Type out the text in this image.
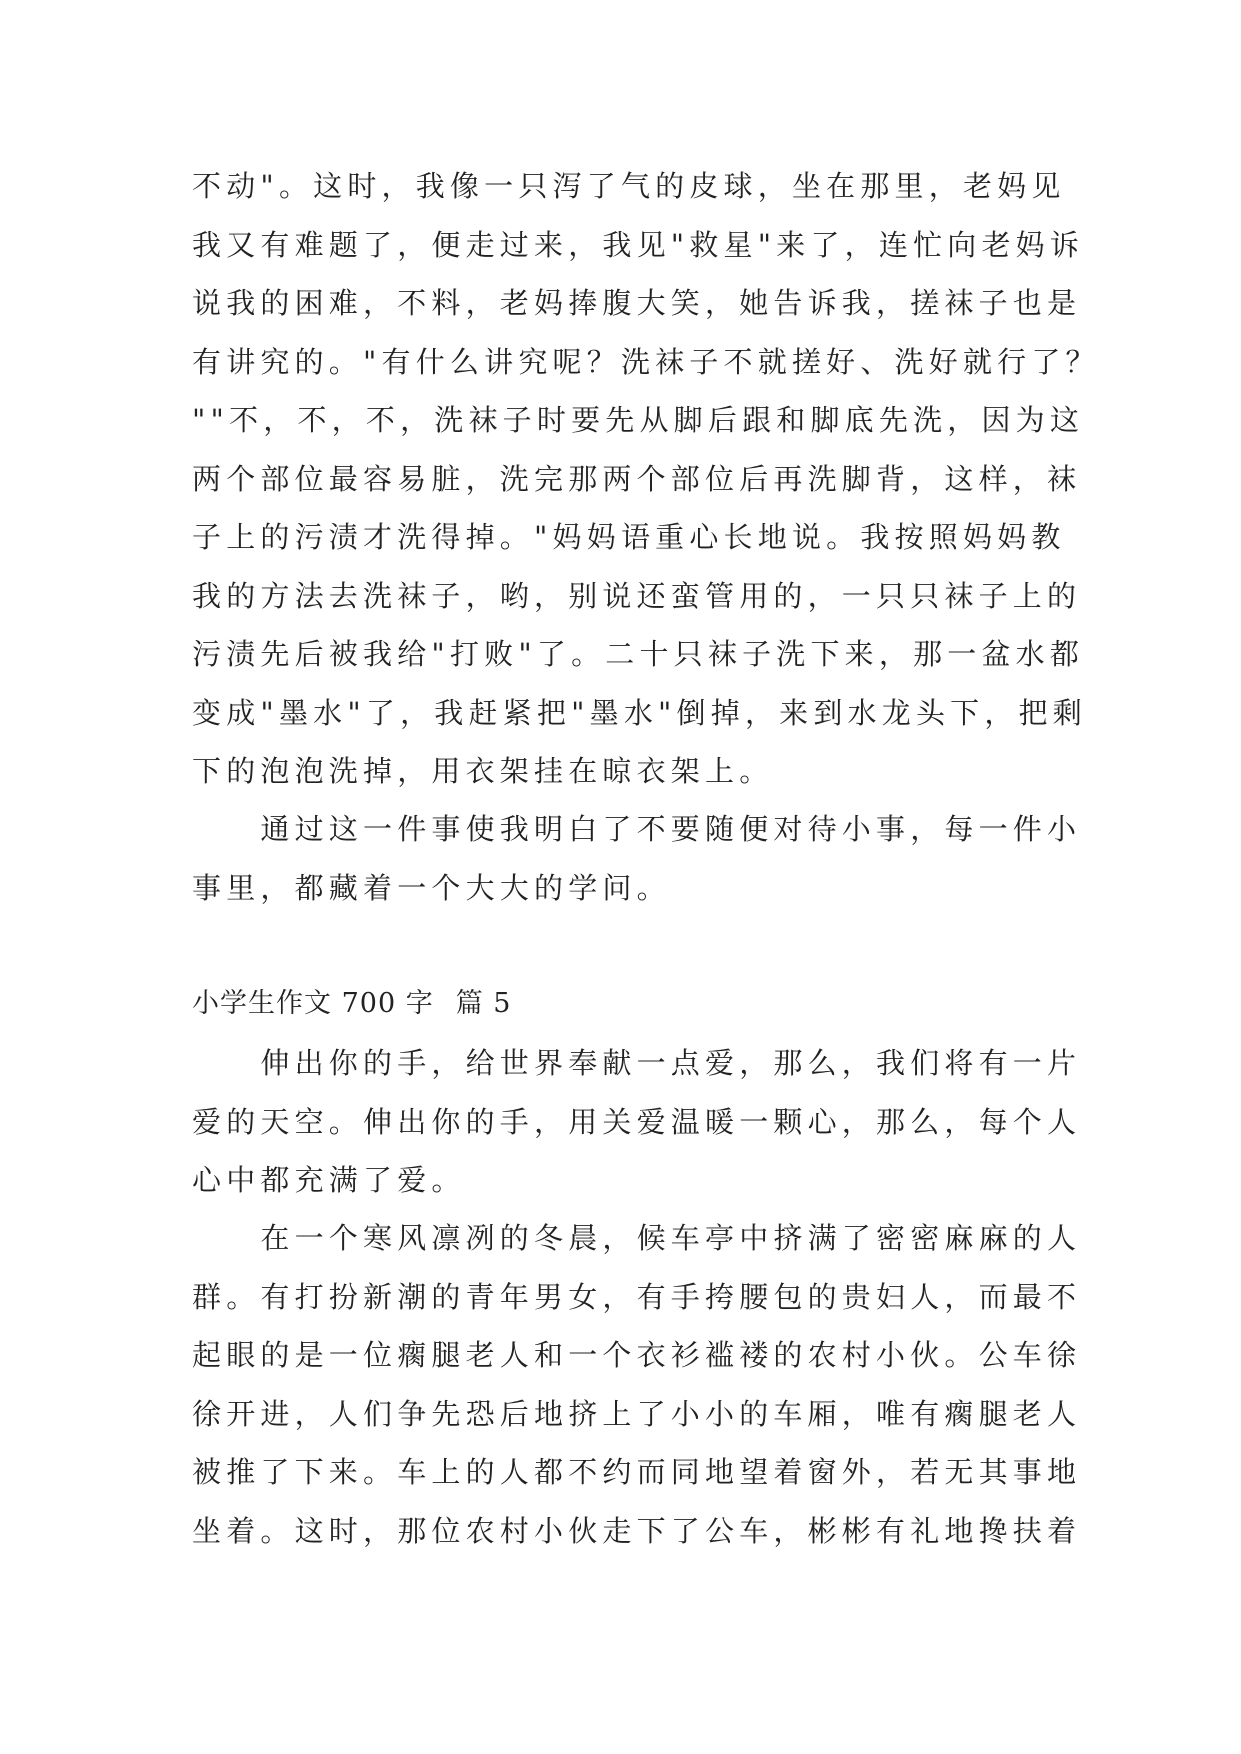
不动"。这时，我像一只泻了气的皮球，坐在那里，老妈见
我又有难题了，便走过来，我见"救星"来了，连忙向老妈诉
说我的困难，不料，老妈捧腹大笑，她告诉我，搓袜子也是
有讲究的。"有什么讲究呢？洗袜子不就搓好、洗好就行了？
""不，不，不，洗袜子时要先从脚后跟和脚底先洗，因为这
两个部位最容易脏，洗完那两个部位后再洗脚背，这样，袜
子上的污渍才洗得掉。"妈妈语重心长地说。我按照妈妈教
我的方法去洗袜子，哟，别说还蛮管用的，一只只袜子上的
污渍先后被我给"打败"了。二十只袜子洗下来，那一盆水都
变成"墨水"了，我赶紧把"墨水"倒掉，来到水龙头下，把剩
下的泡泡洗掉，用衣架挂在晾衣架上。
　　通过这一件事使我明白了不要随便对待小事，每一件小
事里，都藏着一个大大的学问。
小学生作文 700 字 篇 5
　　伸出你的手，给世界奉献一点爱，那么，我们将有一片
爱的天空。伸出你的手，用关爱温暖一颗心，那么，每个人
心中都充满了爱。
　　在一个寒风凛冽的冬晨，候车亭中挤满了密密麻麻的人
群。有打扮新潮的青年男女，有手挎腰包的贵妇人，而最不
起眼的是一位瘸腿老人和一个衣衫褴褛的农村小伙。公车徐
徐开进，人们争先恐后地挤上了小小的车厢，唯有瘸腿老人
被推了下来。车上的人都不约而同地望着窗外，若无其事地
坐着。这时，那位农村小伙走下了公车，彬彬有礼地搀扶着
